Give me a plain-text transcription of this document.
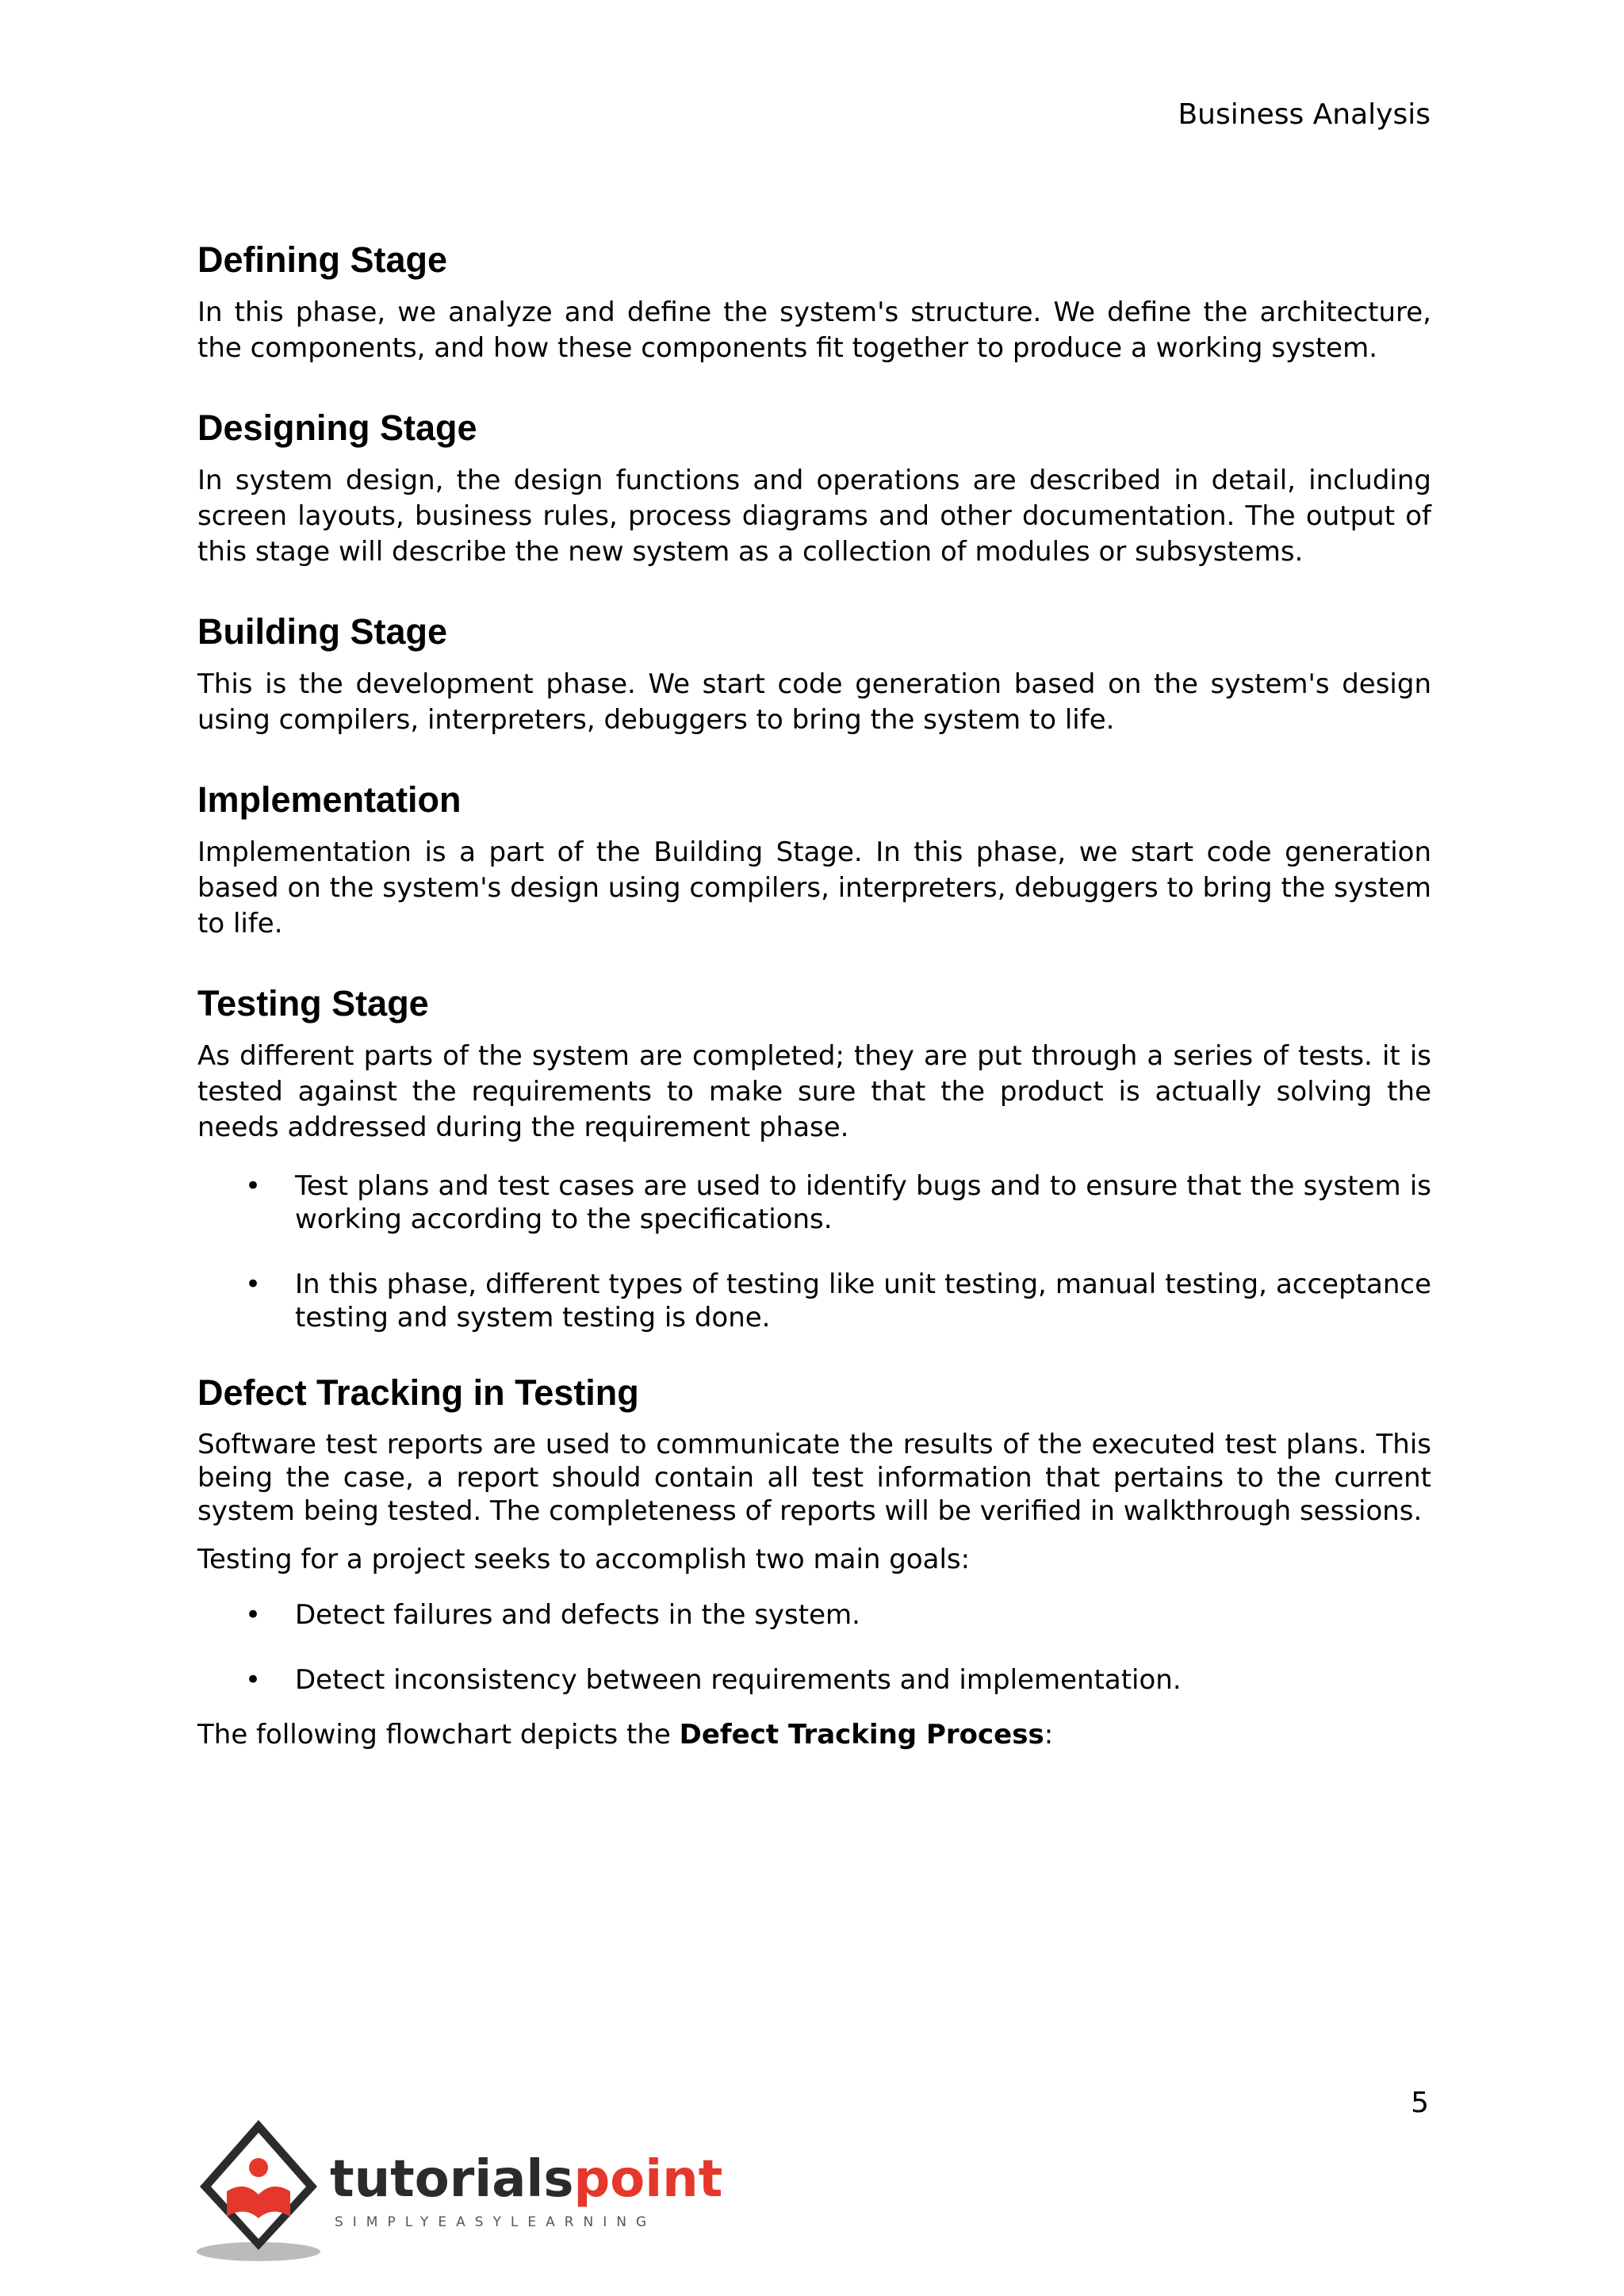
Business Analysis
Defining Stage

In this phase, we analyze and define the system's structure. We define the architecture, the components, and how these components fit together to produce a working system.

Designing Stage

In system design, the design functions and operations are described in detail, including screen layouts, business rules, process diagrams and other documentation. The output of this stage will describe the new system as a collection of modules or subsystems.

Building Stage

This is the development phase. We start code generation based on the system's design using compilers, interpreters, debuggers to bring the system to life.

Implementation

Implementation is a part of the Building Stage. In this phase, we start code generation based on the system's design using compilers, interpreters, debuggers to bring the system to life.

Testing Stage

As different parts of the system are completed; they are put through a series of tests. it is tested against the requirements to make sure that the product is actually solving the needs addressed during the requirement phase.

• Test plans and test cases are used to identify bugs and to ensure that the system is working according to the specifications.
• In this phase, different types of testing like unit testing, manual testing, acceptance testing and system testing is done.
Defect Tracking in Testing

Software test reports are used to communicate the results of the executed test plans. This being the case, a report should contain all test information that pertains to the current system being tested. The completeness of reports will be verified in walkthrough sessions.

Testing for a project seeks to accomplish two main goals:

• Detect failures and defects in the system.
• Detect inconsistency between requirements and implementation.

The following flowchart depicts the Defect Tracking Process:

5
tutorialspoint
SIMPLYEASYLEARNING
